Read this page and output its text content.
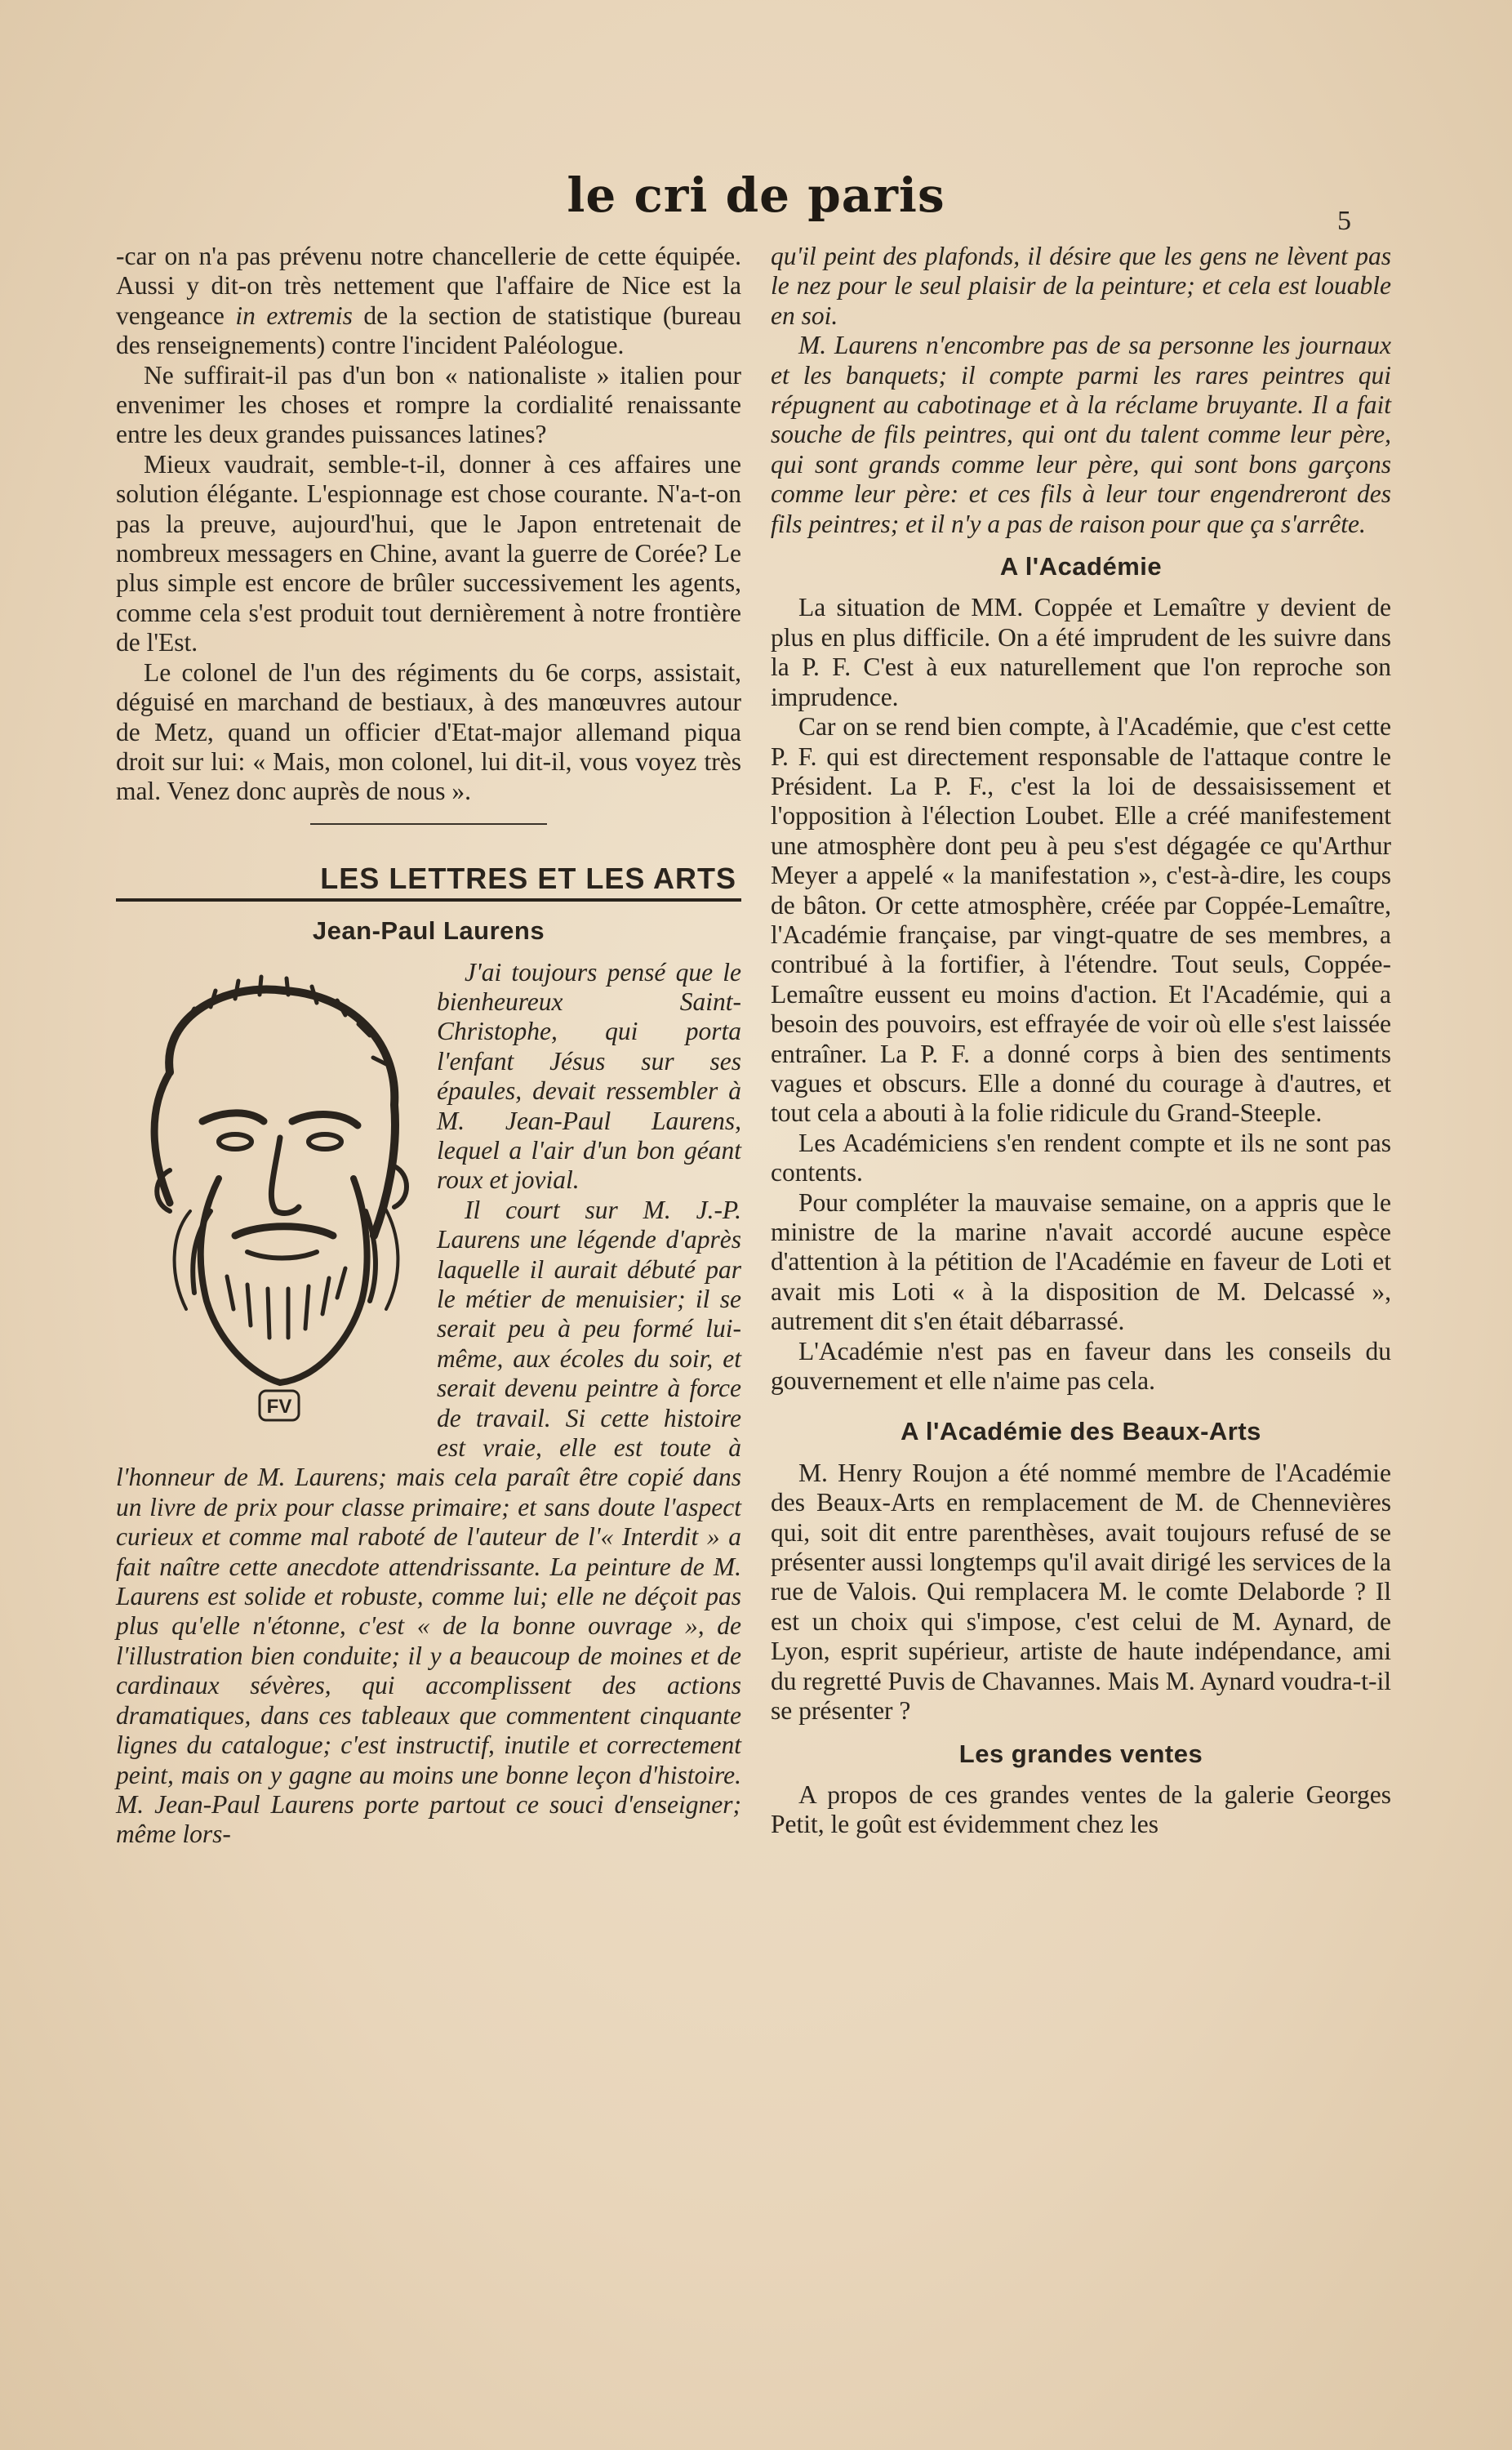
le cri de paris	5

-car on n'a pas prévenu notre chancellerie de cette équipée. Aussi y dit-on très nettement que l'affaire de Nice est la vengeance in extremis de la section de statistique (bureau des renseignements) contre l'incident Paléologue.

Ne suffirait-il pas d'un bon « nationaliste » italien pour envenimer les choses et rompre la cordialité renaissante entre les deux grandes puissances latines?

Mieux vaudrait, semble-t-il, donner à ces affaires une solution élégante. L'espionnage est chose courante. N'a-t-on pas la preuve, aujourd'hui, que le Japon entretenait de nombreux messagers en Chine, avant la guerre de Corée? Le plus simple est encore de brûler successivement les agents, comme cela s'est produit tout dernièrement à notre frontière de l'Est.

Le colonel de l'un des régiments du 6e corps, assistait, déguisé en marchand de bestiaux, à des manœuvres autour de Metz, quand un officier d'Etat-major allemand piqua droit sur lui: « Mais, mon colonel, lui dit-il, vous voyez très mal. Venez donc auprès de nous ».

LES LETTRES ET LES ARTS
Jean-Paul Laurens
FV

J'ai toujours pensé que le bienheureux Saint-Christophe, qui porta l'enfant Jésus sur ses épaules, devait ressembler à M. Jean-Paul Laurens, lequel a l'air d'un bon géant roux et jovial.

Il court sur M. J.-P. Laurens une légende d'après laquelle il aurait débuté par le métier de menuisier; il se serait peu à peu formé lui-même, aux écoles du soir, et serait devenu peintre à force de travail. Si cette histoire est vraie, elle est toute à l'honneur de M. Laurens; mais cela paraît être copié dans un livre de prix pour classe primaire; et sans doute l'aspect curieux et comme mal raboté de l'auteur de l'« Interdit » a fait naître cette anecdote attendrissante. La peinture de M. Laurens est solide et robuste, comme lui; elle ne déçoit pas plus qu'elle n'étonne, c'est « de la bonne ouvrage », de l'illustration bien conduite; il y a beaucoup de moines et de cardinaux sévères, qui accomplissent des actions dramatiques, dans ces tableaux que commentent cinquante lignes du catalogue; c'est instructif, inutile et correctement peint, mais on y gagne au moins une bonne leçon d'histoire. M. Jean-Paul Laurens porte partout ce souci d'enseigner; même lors-

qu'il peint des plafonds, il désire que les gens ne lèvent pas le nez pour le seul plaisir de la peinture; et cela est louable en soi.

M. Laurens n'encombre pas de sa personne les journaux et les banquets; il compte parmi les rares peintres qui répugnent au cabotinage et à la réclame bruyante. Il a fait souche de fils peintres, qui ont du talent comme leur père, qui sont grands comme leur père, qui sont bons garçons comme leur père: et ces fils à leur tour engendreront des fils peintres; et il n'y a pas de raison pour que ça s'arrête.

A l'Académie

La situation de MM. Coppée et Lemaître y devient de plus en plus difficile. On a été imprudent de les suivre dans la P. F. C'est à eux naturellement que l'on reproche son imprudence.

Car on se rend bien compte, à l'Académie, que c'est cette P. F. qui est directement responsable de l'attaque contre le Président. La P. F., c'est la loi de dessaisissement et l'opposition à l'élection Loubet. Elle a créé manifestement une atmosphère dont peu à peu s'est dégagée ce qu'Arthur Meyer a appelé « la manifestation », c'est-à-dire, les coups de bâton. Or cette atmosphère, créée par Coppée-Lemaître, l'Académie française, par vingt-quatre de ses membres, a contribué à la fortifier, à l'étendre. Tout seuls, Coppée-Lemaître eussent eu moins d'action. Et l'Académie, qui a besoin des pouvoirs, est effrayée de voir où elle s'est laissée entraîner. La P. F. a donné corps à bien des sentiments vagues et obscurs. Elle a donné du courage à d'autres, et tout cela a abouti à la folie ridicule du Grand-Steeple.

Les Académiciens s'en rendent compte et ils ne sont pas contents.

Pour compléter la mauvaise semaine, on a appris que le ministre de la marine n'avait accordé aucune espèce d'attention à la pétition de l'Académie en faveur de Loti et avait mis Loti « à la disposition de M. Delcassé », autrement dit s'en était débarrassé.

L'Académie n'est pas en faveur dans les conseils du gouvernement et elle n'aime pas cela.

A l'Académie des Beaux-Arts

M. Henry Roujon a été nommé membre de l'Académie des Beaux-Arts en remplacement de M. de Chennevières qui, soit dit entre parenthèses, avait toujours refusé de se présenter aussi longtemps qu'il avait dirigé les services de la rue de Valois. Qui remplacera M. le comte Delaborde ? Il est un choix qui s'impose, c'est celui de M. Aynard, de Lyon, esprit supérieur, artiste de haute indépendance, ami du regretté Puvis de Chavannes. Mais M. Aynard voudra-t-il se présenter ?

Les grandes ventes

A propos de ces grandes ventes de la galerie Georges Petit, le goût est évidemment chez les
